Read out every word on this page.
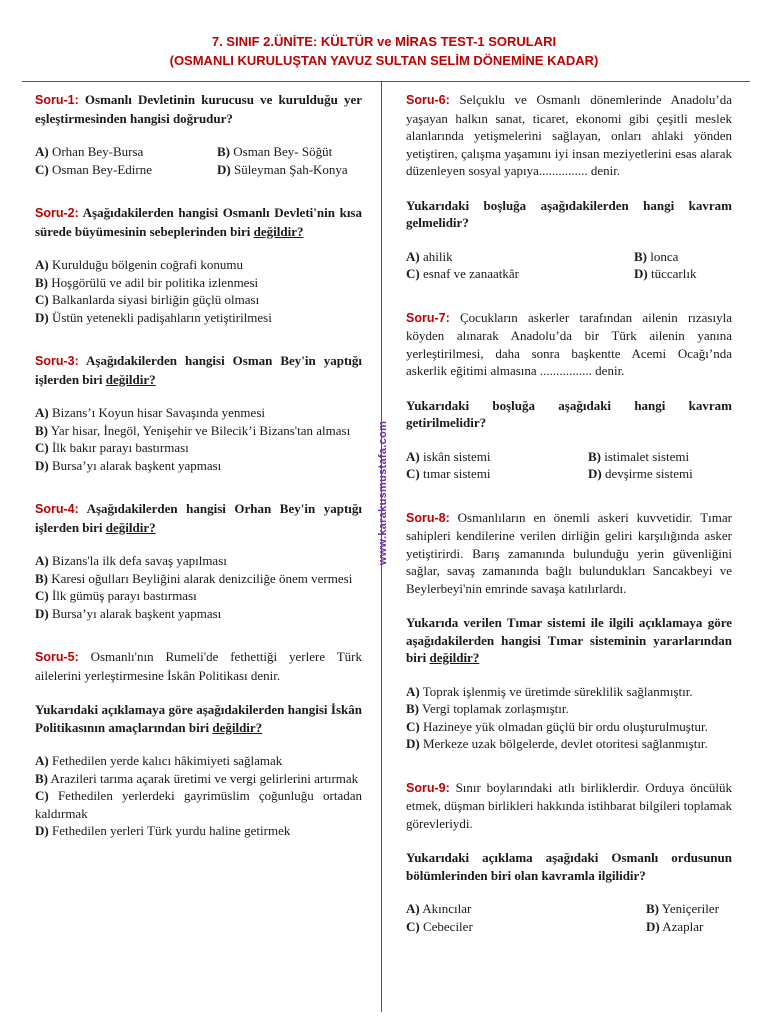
7. SINIF 2.ÜNİTE: KÜLTÜR ve MİRAS TEST-1 SORULARI
(OSMANLI KURULUŞTAN YAVUZ SULTAN SELİM DÖNEMİNE KADAR)
www.karakusmustafa.com
Soru-1: Osmanlı Devletinin kurucusu ve kurulduğu yer eşleştirmesinden hangisi doğrudur?
A) Orhan Bey-Bursa	B) Osman Bey- Söğüt
C) Osman Bey-Edirne	D) Süleyman Şah-Konya
Soru-2: Aşağıdakilerden hangisi Osmanlı Devleti'nin kısa sürede büyümesinin sebeplerinden biri değildir?
A) Kurulduğu bölgenin coğrafi konumu
B) Hoşgörülü ve adil bir politika izlenmesi
C) Balkanlarda siyasi birliğin güçlü olması
D) Üstün yetenekli padişahların yetiştirilmesi
Soru-3: Aşağıdakilerden hangisi Osman Bey'in yaptığı işlerden biri değildir?
A) Bizans’ı Koyun hisar Savaşında yenmesi
B) Yar hisar, İnegöl, Yenişehir ve Bilecik’i Bizans'tan alması
C) İlk bakır parayı bastırması
D) Bursa’yı alarak başkent yapması
Soru-4: Aşağıdakilerden hangisi Orhan Bey'in yaptığı işlerden biri değildir?
A) Bizans'la ilk defa savaş yapılması
B) Karesi oğulları Beyliğini alarak denizciliğe önem vermesi
C) İlk gümüş parayı bastırması
D) Bursa’yı alarak başkent yapması
Soru-5: Osmanlı'nın Rumeli'de fethettiği yerlere Türk ailelerini yerleştirmesine İskân Politikası denir.
Yukarıdaki açıklamaya göre aşağıdakilerden hangisi İskân Politikasının amaçlarından biri değildir?
A) Fethedilen yerde kalıcı hâkimiyeti sağlamak
B) Arazileri tarıma açarak üretimi ve vergi gelirlerini artırmak
C) Fethedilen yerlerdeki gayrimüslim çoğunluğu ortadan kaldırmak
D) Fethedilen yerleri Türk yurdu haline getirmek
Soru-6: Selçuklu ve Osmanlı dönemlerinde Anadolu’da yaşayan halkın sanat, ticaret, ekonomi gibi çeşitli meslek alanlarında yetişmelerini sağlayan, onları ahlaki yönden yetiştiren, çalışma yaşamını iyi insan meziyetlerini esas alarak düzenleyen sosyal yapıya............... denir.
Yukarıdaki boşluğa aşağıdakilerden hangi kavram gelmelidir?
A) ahilik	B) lonca
C) esnaf ve zanaatkâr	D) tüccarlık
Soru-7: Çocukların askerler tarafından ailenin rızasıyla köyden alınarak Anadolu’da bir Türk ailenin yanına yerleştirilmesi, daha sonra başkentte Acemi Ocağı’nda askerlik eğitimi almasına ................ denir.
Yukarıdaki boşluğa aşağıdaki hangi kavram getirilmelidir?
A) iskân sistemi	B) istimalet sistemi
C) tımar sistemi	D) devşirme sistemi
Soru-8: Osmanlıların en önemli askeri kuvvetidir. Tımar sahipleri kendilerine verilen dirliğin geliri karşılığında asker yetiştirirdi. Barış zamanında bulunduğu yerin güvenliğini sağlar, savaş zamanında bağlı bulundukları Sancakbeyi ve Beylerbeyi'nin emrinde savaşa katılırlardı.
Yukarıda verilen Tımar sistemi ile ilgili açıklamaya göre aşağıdakilerden hangisi Tımar sisteminin yararlarından biri değildir?
A) Toprak işlenmiş ve üretimde süreklilik sağlanmıştır.
B) Vergi toplamak zorlaşmıştır.
C) Hazineye yük olmadan güçlü bir ordu oluşturulmuştur.
D) Merkeze uzak bölgelerde, devlet otoritesi sağlanmıştır.
Soru-9: Sınır boylarındaki atlı birliklerdir. Orduya öncülük etmek, düşman birlikleri hakkında istihbarat bilgileri toplamak görevleriydi.
Yukarıdaki açıklama aşağıdaki Osmanlı ordusunun bölümlerinden biri olan kavramla ilgilidir?
A) Akıncılar	B) Yeniçeriler
C) Cebeciler	D) Azaplar
